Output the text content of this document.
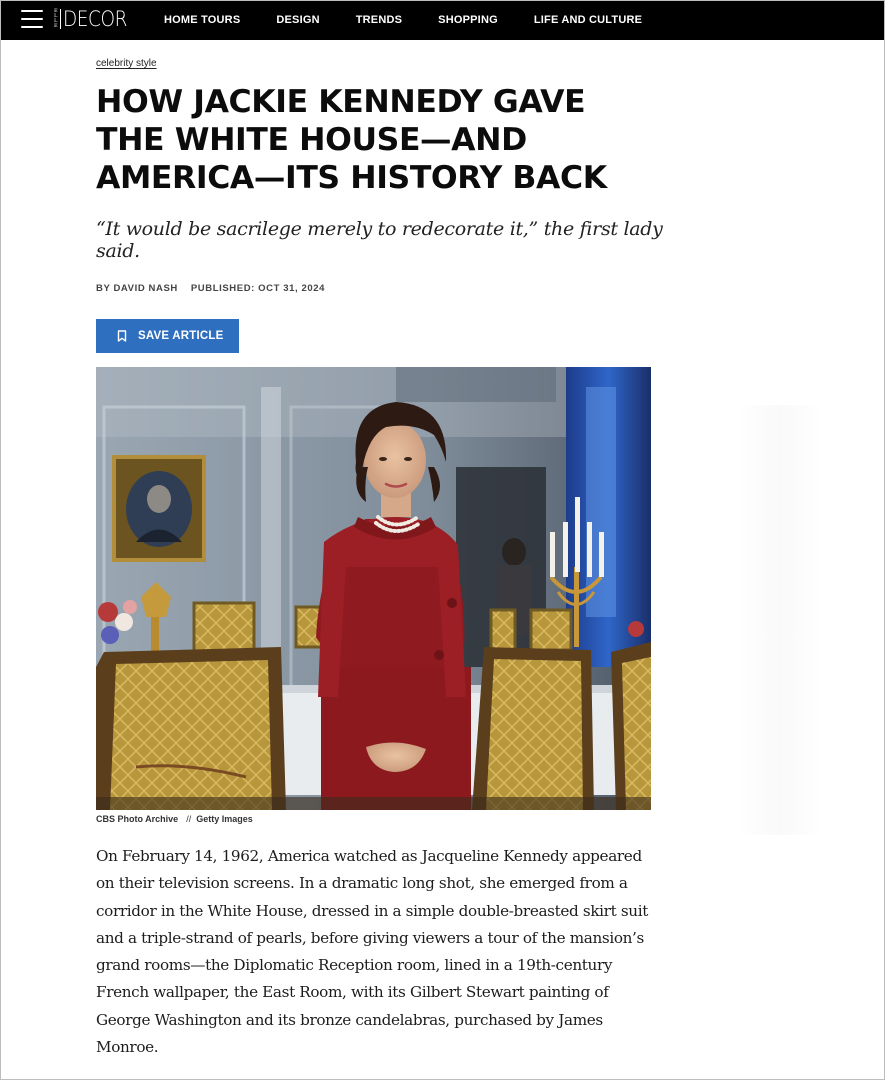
E
L
L
E DECOR	HOME TOURS	DESIGN	TRENDS	SHOPPING	LIFE AND CULTURE
celebrity style
HOW JACKIE KENNEDY GAVE THE WHITE HOUSE—AND AMERICA—ITS HISTORY BACK
“It would be sacrilege merely to redecorate it,” the first lady said.
BY DAVID NASH PUBLISHED: OCT 31, 2024
SAVE ARTICLE
CBS Photo Archive // Getty Images

On February 14, 1962, America watched as Jacqueline Kennedy appeared on their television screens. In a dramatic long shot, she emerged from a corridor in the White House, dressed in a simple double-breasted skirt suit and a triple-strand of pearls, before giving viewers a tour of the mansion’s grand rooms—the Diplomatic Reception room, lined in a 19th-century French wallpaper, the East Room, with its Gilbert Stewart painting of George Washington and its bronze candelabras, purchased by James Monroe.
